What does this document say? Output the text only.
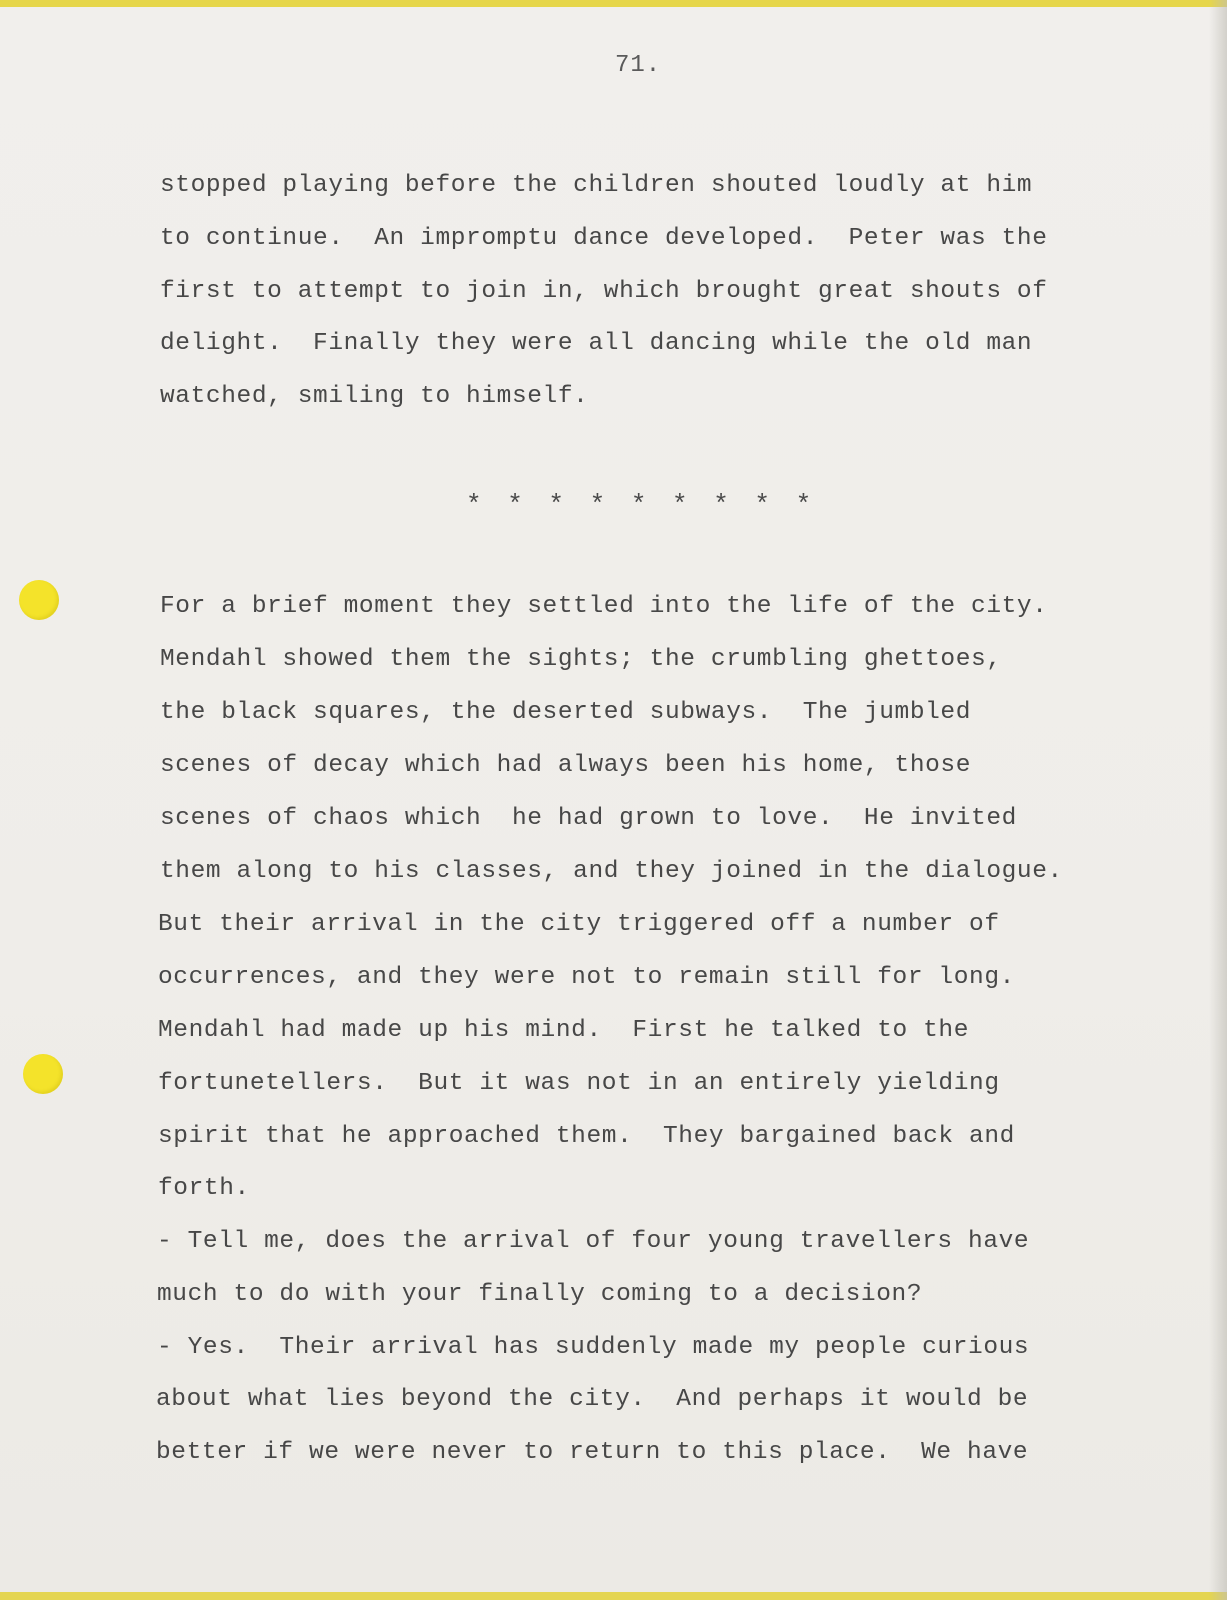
71.
stopped playing before the children shouted loudly at him
to continue.  An impromptu dance developed.  Peter was the
first to attempt to join in, which brought great shouts of
delight.  Finally they were all dancing while the old man
watched, smiling to himself.
* * * * * * * * *
For a brief moment they settled into the life of the city.
Mendahl showed them the sights; the crumbling ghettoes,
the black squares, the deserted subways.  The jumbled
scenes of decay which had always been his home, those
scenes of chaos which  he had grown to love.  He invited
them along to his classes, and they joined in the dialogue.
But their arrival in the city triggered off a number of
occurrences, and they were not to remain still for long.
Mendahl had made up his mind.  First he talked to the
fortunetellers.  But it was not in an entirely yielding
spirit that he approached them.  They bargained back and
forth.
- Tell me, does the arrival of four young travellers have
much to do with your finally coming to a decision?
- Yes.  Their arrival has suddenly made my people curious
about what lies beyond the city.  And perhaps it would be
better if we were never to return to this place.  We have
